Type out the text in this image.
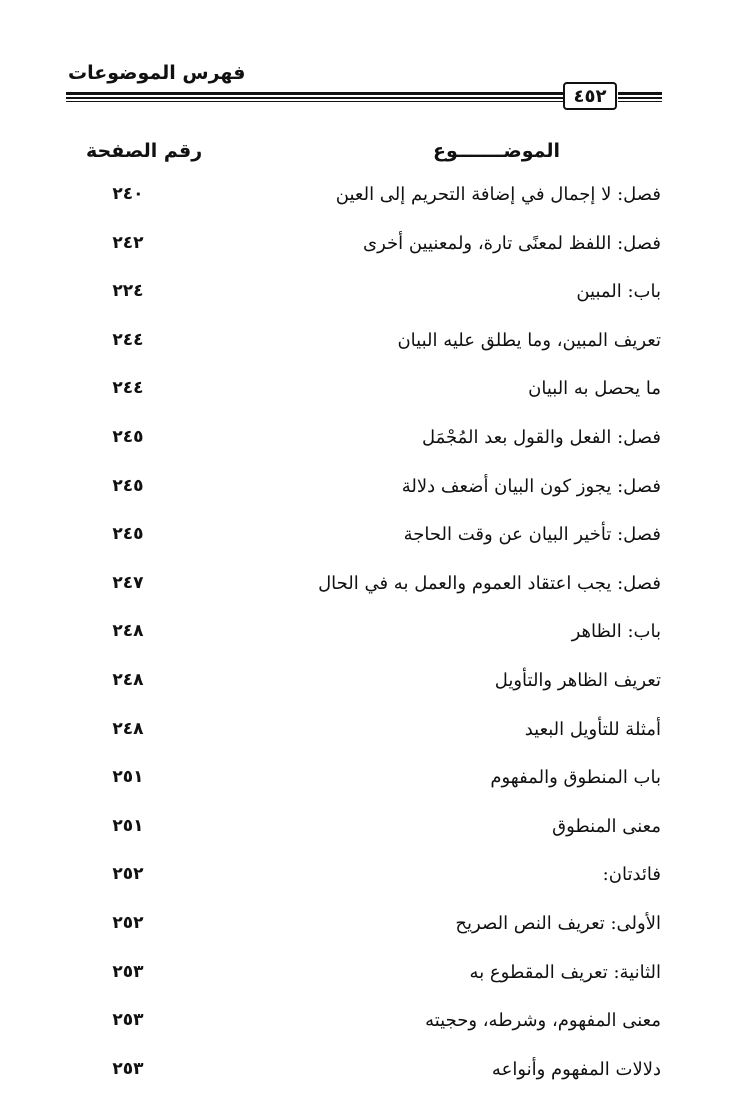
فهرس الموضوعات
٤٥٢
الموضـــــــوع
رقم الصفحة
فصل: لا إجمال في إضافة التحريم إلى العين
٢٤٠
فصل: اللفظ لمعنًى تارة، ولمعنيين أخرى
٢٤٢
باب: المبين
٢٢٤
تعريف المبين، وما يطلق عليه البيان
٢٤٤
ما يحصل به البيان
٢٤٤
فصل: الفعل والقول بعد المُجْمَل
٢٤٥
فصل: يجوز كون البيان أضعف دلالة
٢٤٥
فصل: تأخير البيان عن وقت الحاجة
٢٤٥
فصل: يجب اعتقاد العموم والعمل به في الحال
٢٤٧
باب: الظاهر
٢٤٨
تعريف الظاهر والتأويل
٢٤٨
أمثلة للتأويل البعيد
٢٤٨
باب المنطوق والمفهوم
٢٥١
معنى المنطوق
٢٥١
فائدتان:
٢٥٢
الأولى: تعريف النص الصريح
٢٥٢
الثانية: تعريف المقطوع به
٢٥٣
معنى المفهوم، وشرطه، وحجيته
٢٥٣
دلالات المفهوم وأنواعه
٢٥٣
